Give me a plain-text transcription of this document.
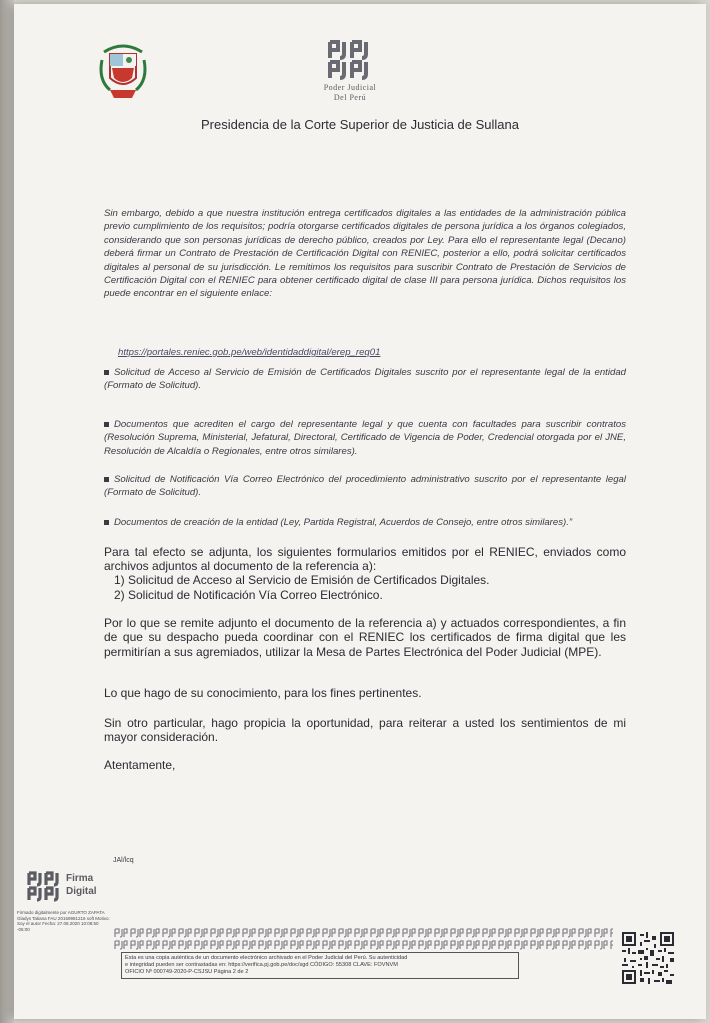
Poder Judicial
Del Perú
Presidencia de la Corte Superior de Justicia de Sullana
Sin embargo, debido a que nuestra institución entrega certificados digitales a las entidades de la administración pública previo cumplimiento de los requisitos; podría otorgarse certificados digitales de persona jurídica a los órganos colegiados, considerando que son personas jurídicas de derecho público, creados por Ley. Para ello el representante legal (Decano) deberá firmar un Contrato de Prestación de Certificación Digital con RENIEC, posterior a ello, podrá solicitar certificados digitales al personal de su jurisdicción. Le remitimos los requisitos para suscribir Contrato de Prestación de Servicios de Certificación Digital con el RENIEC para obtener certificado digital de clase III para persona jurídica. Dichos requisitos los puede encontrar en el siguiente enlace:
https://portales.reniec.gob.pe/web/identidaddigital/erep_req01
Solicitud de Acceso al Servicio de Emisión de Certificados Digitales suscrito por el representante legal de la entidad (Formato de Solicitud).
Documentos que acrediten el cargo del representante legal y que cuenta con facultades para suscribir contratos (Resolución Suprema, Ministerial, Jefatural, Directoral, Certificado de Vigencia de Poder, Credencial otorgada por el JNE, Resolución de Alcaldía o Regionales, entre otros similares).
Solicitud de Notificación Vía Correo Electrónico del procedimiento administrativo suscrito por el representante legal (Formato de Solicitud).
Documentos de creación de la entidad (Ley, Partida Registral, Acuerdos de Consejo, entre otros similares).”
Para tal efecto se adjunta, los siguientes formularios emitidos por el RENIEC, enviados como archivos adjuntos al documento de la referencia a):
1) Solicitud de Acceso al Servicio de Emisión de Certificados Digitales.
2) Solicitud de Notificación Vía Correo Electrónico.
Por lo que se remite adjunto el documento de la referencia a) y actuados correspondientes, a fin de que su despacho pueda coordinar con el RENIEC los certificados de firma digital que les permitirían a sus agremiados, utilizar la Mesa de Partes Electrónica del Poder Judicial (MPE).
Lo que hago de su conocimiento, para los fines pertinentes.
Sin otro particular, hago propicia la oportunidad, para reiterar a usted los sentimientos de mi mayor consideración.
Atentamente,
JAl/lcq
Firma
Digital
Firmado digitalmente por AGURTO ZAPATA Gladys Tatiana FAU 20159981216 soft Motivo: Soy el autor Fecha: 27.08.2020 10:08:50 -05:00
Esta es una copia auténtica de un documento electrónico archivado en el Poder Judicial del Perú. Su autenticidad
e integridad pueden ser contrastadas en: https://verifica.pj.gob.pe/doc/sgd CÓDIGO: 55308 CLAVE: FOVNVM
OFICIO Nº 000749-2020-P-CSJSU Página 2 de 2
